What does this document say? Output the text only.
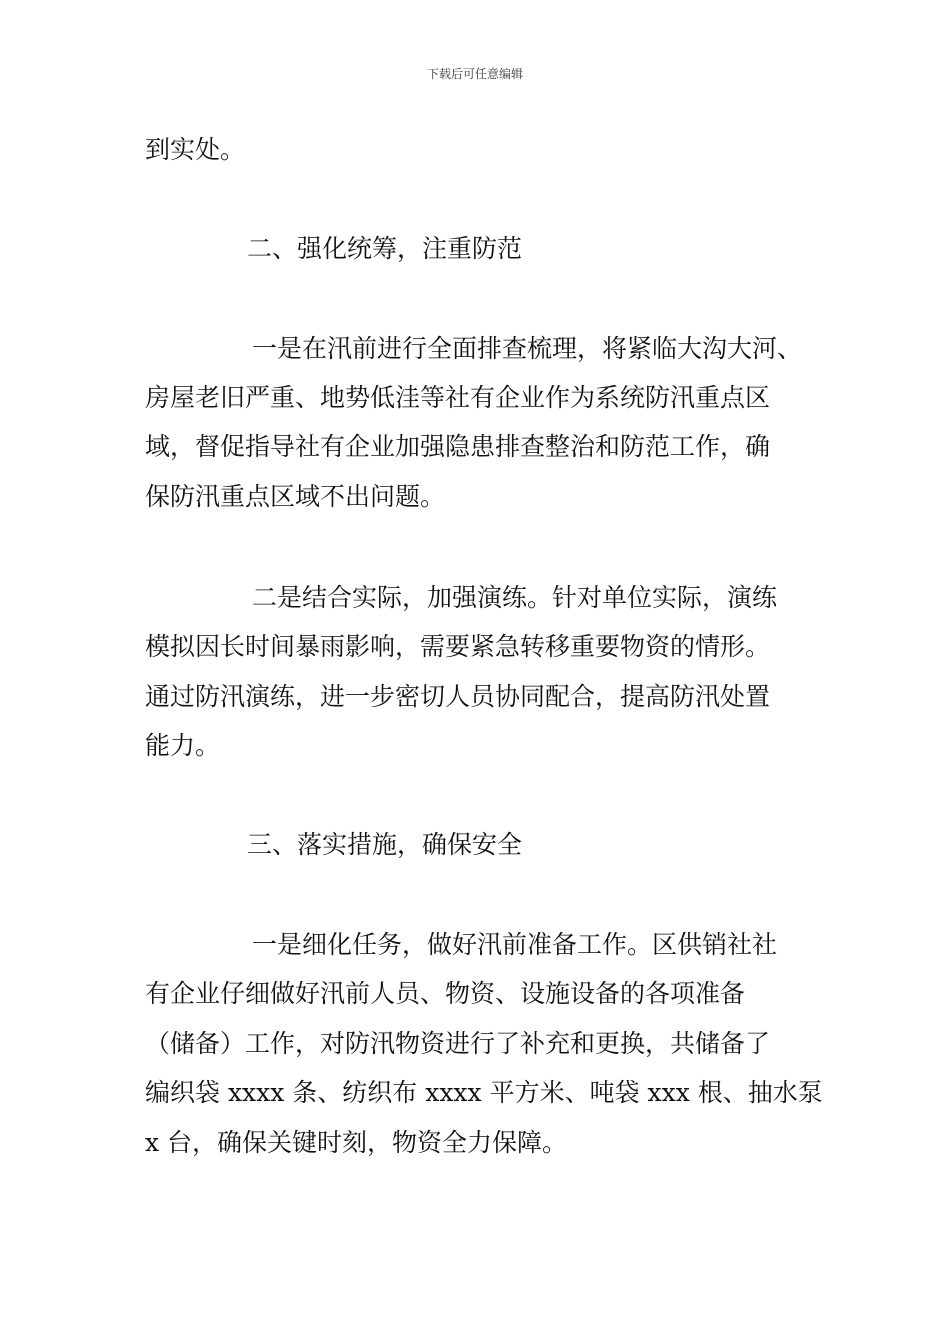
下载后可任意编辑
到实处。
二、强化统筹，注重防范
一是在汛前进行全面排查梳理，将紧临大沟大河、
房屋老旧严重、地势低洼等社有企业作为系统防汛重点区
域，督促指导社有企业加强隐患排查整治和防范工作，确
保防汛重点区域不出问题。
二是结合实际，加强演练。针对单位实际，演练
模拟因长时间暴雨影响，需要紧急转移重要物资的情形。
通过防汛演练，进一步密切人员协同配合，提高防汛处置
能力。
三、落实措施，确保安全
一是细化任务，做好汛前准备工作。区供销社社
有企业仔细做好汛前人员、物资、设施设备的各项准备
（储备）工作，对防汛物资进行了补充和更换，共储备了
编织袋 xxxx 条、纺织布 xxxx 平方米、吨袋 xxx 根、抽水泵
x 台，确保关键时刻，物资全力保障。
